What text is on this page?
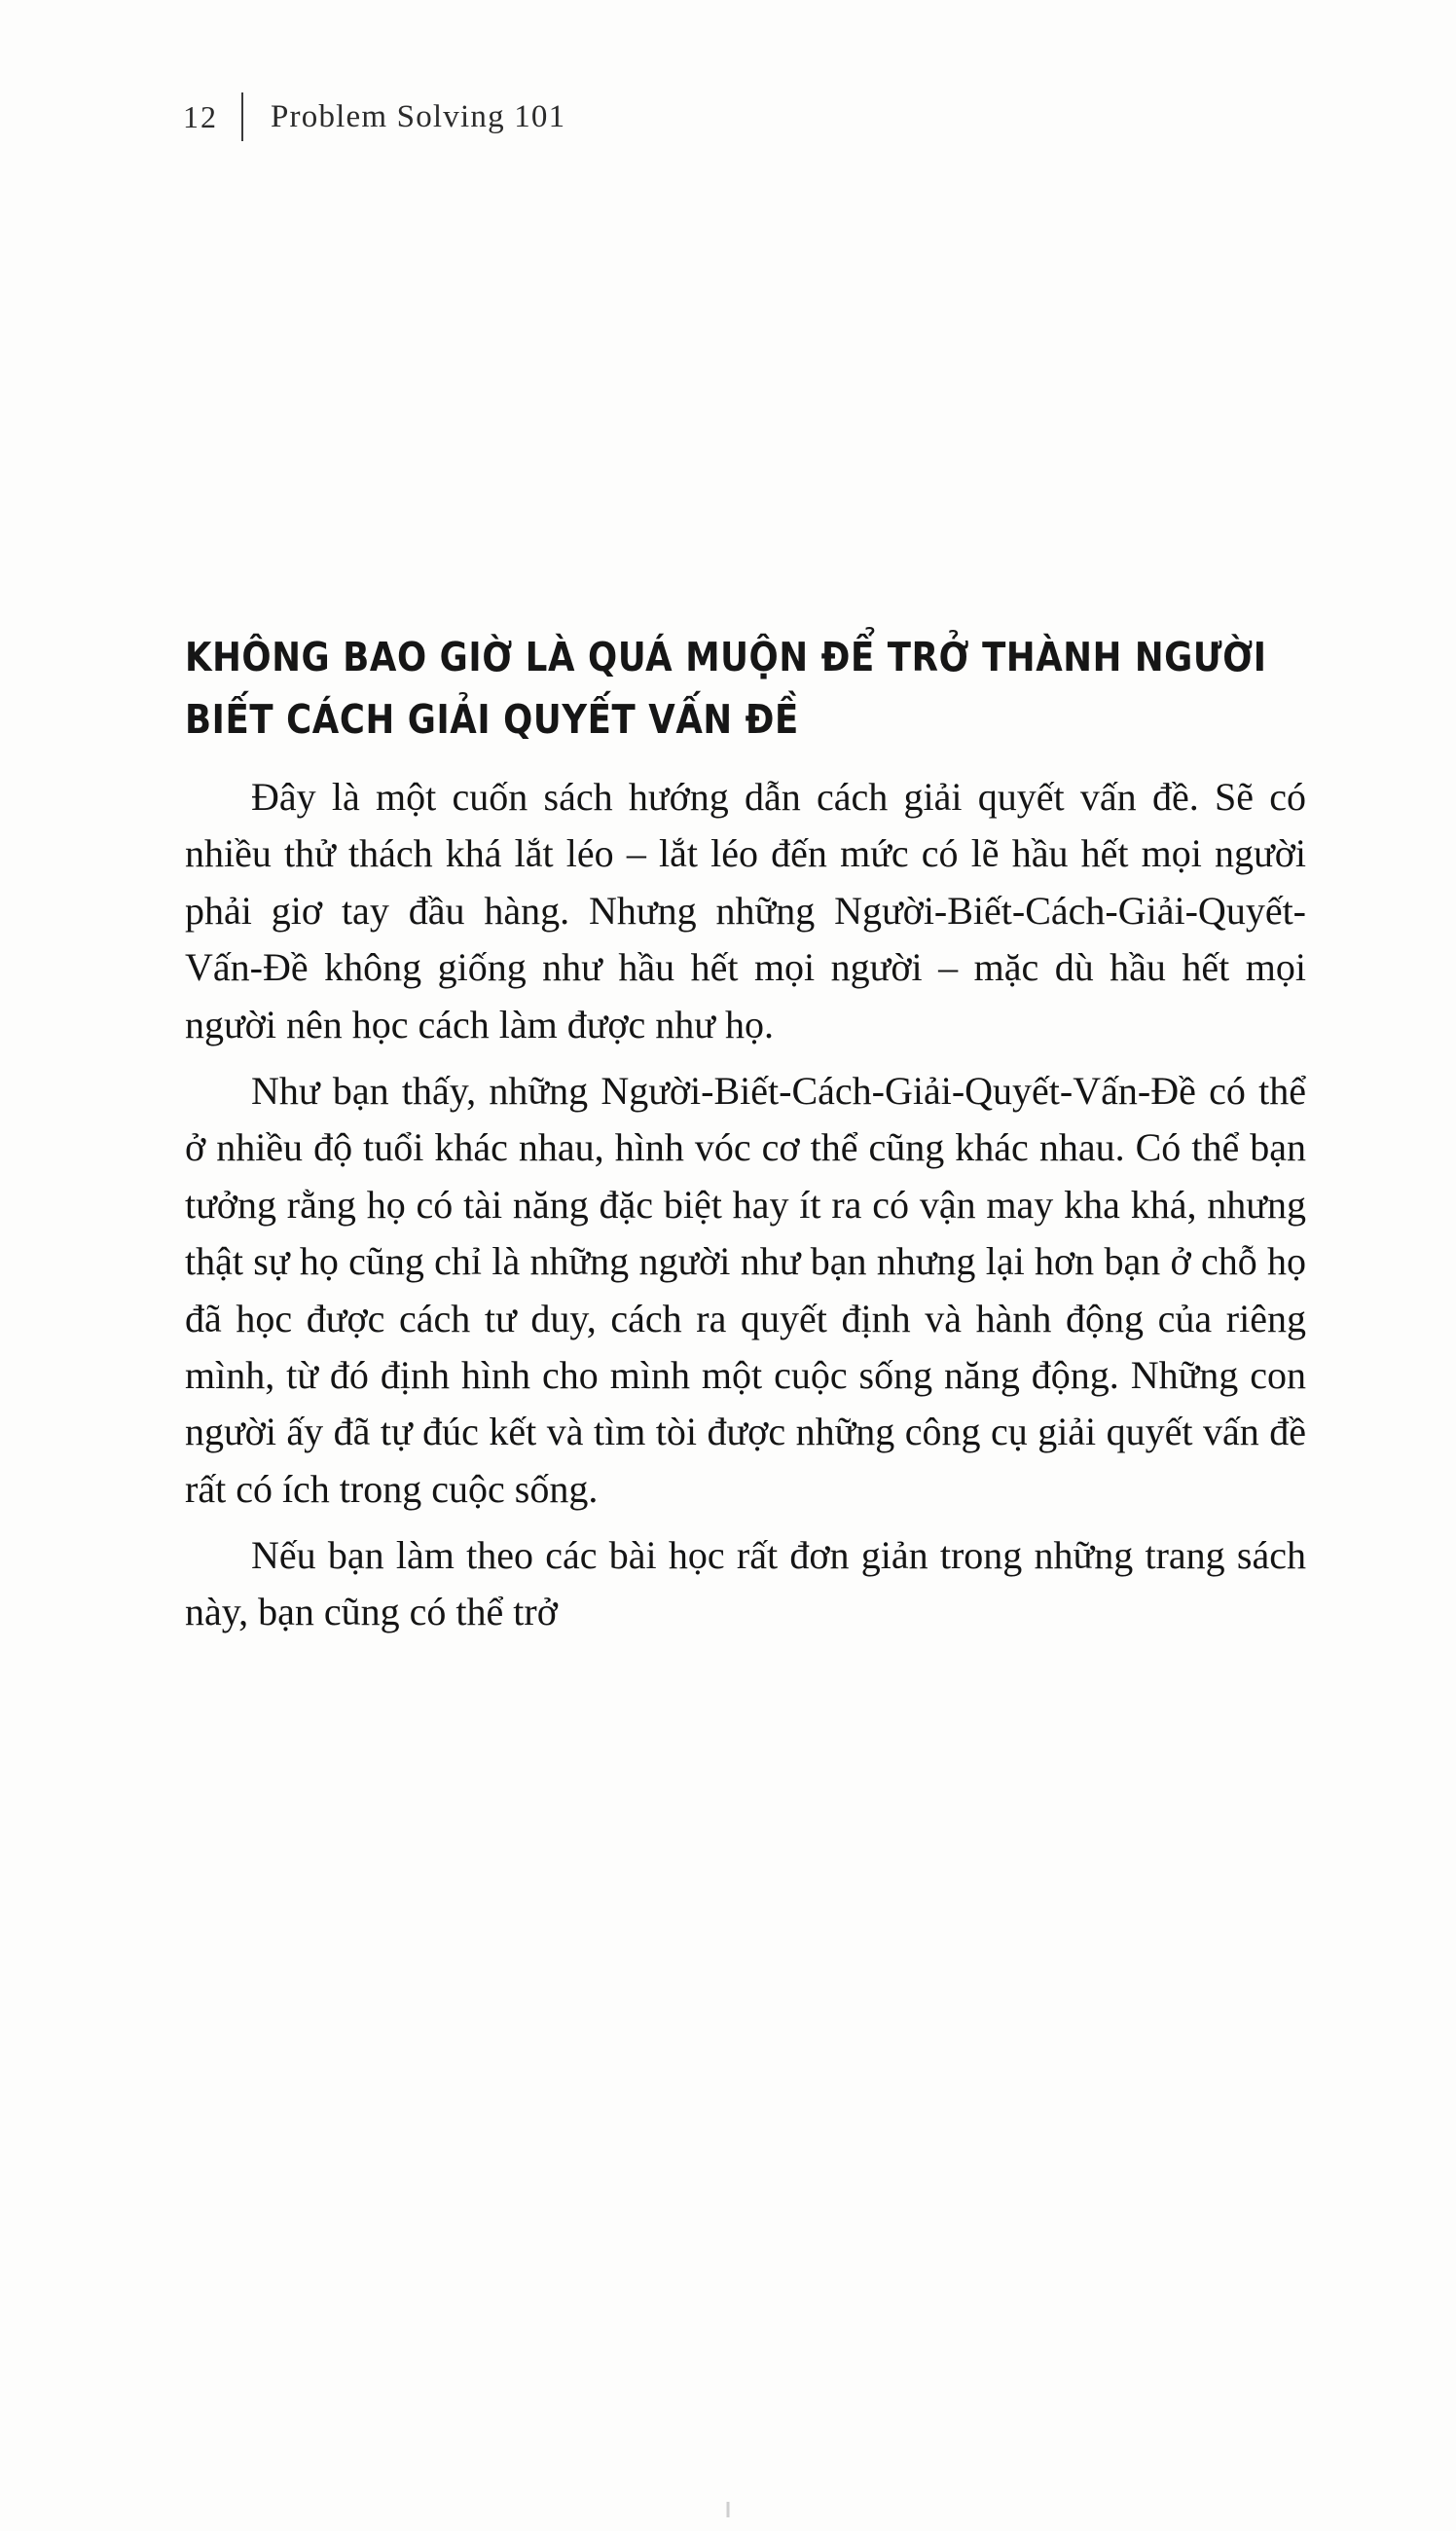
12	Problem Solving 101
KHÔNG BAO GIỜ LÀ QUÁ MUỘN ĐỂ TRỞ THÀNH NGƯỜI BIẾT CÁCH GIẢI QUYẾT VẤN ĐỀ

Đây là một cuốn sách hướng dẫn cách giải quyết vấn đề. Sẽ có nhiều thử thách khá lắt léo – lắt léo đến mức có lẽ hầu hết mọi người phải giơ tay đầu hàng. Nhưng những Người-Biết-Cách-Giải-Quyết-Vấn-Đề không giống như hầu hết mọi người – mặc dù hầu hết mọi người nên học cách làm được như họ.

Như bạn thấy, những Người-Biết-Cách-Giải-Quyết-Vấn-Đề có thể ở nhiều độ tuổi khác nhau, hình vóc cơ thể cũng khác nhau. Có thể bạn tưởng rằng họ có tài năng đặc biệt hay ít ra có vận may kha khá, nhưng thật sự họ cũng chỉ là những người như bạn nhưng lại hơn bạn ở chỗ họ đã học được cách tư duy, cách ra quyết định và hành động của riêng mình, từ đó định hình cho mình một cuộc sống năng động. Những con người ấy đã tự đúc kết và tìm tòi được những công cụ giải quyết vấn đề rất có ích trong cuộc sống.

Nếu bạn làm theo các bài học rất đơn giản trong những trang sách này, bạn cũng có thể trở
